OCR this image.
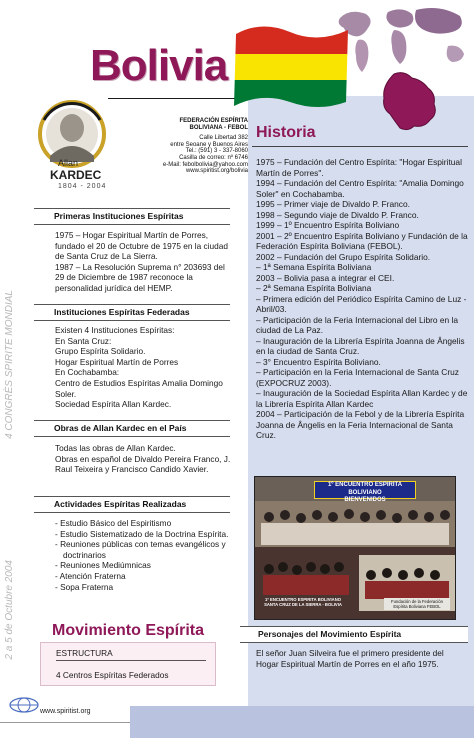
Bolivia
Allan
KARDEC
1804 - 2004
FEDERACIÓN ESPÍRITA
BOLIVIANA - FEBOL
Calle Libertad 382
entre Seoane y Buenos Aires
Tel.: (591) 3 - 337-8060
Casilla de correo: nº 6746
e-Mail: febolbolivia@yahoo.com
www.spiritist.org/bolivia
4 CONGRÈS SPIRITE MONDIAL
2 a 5 de Octubre 2004
Primeras Instituciones Espíritas

1975 – Hogar Espiritual Martín de Porres, fundado el 20 de Octubre de 1975 en la ciudad de Santa Cruz de La Sierra.

1987 – La Resolución Suprema n° 203693 del 29 de Diciembre de 1987 reconoce la personalidad jurídica del HEMP.

Instituciones Espíritas Federadas

Existen 4 Instituciones Espíritas:

En Santa Cruz:

Grupo Espírita Solidario.

Hogar Espiritual Martín de Porres

En Cochabamba:

Centro de Estudios Espíritas Amalia Domingo Soler.

Sociedad Espírita Allan Kardec.

Obras de Allan Kardec en el País

Todas las obras de Allan Kardec.

Obras en español de Divaldo Pereira Franco, J. Raul Teixeira y Francisco Candido Xavier.

Actividades Espíritas Realizadas
- Estudio Básico del Espiritismo
- Estudio Sistematizado de la Doctrina Espírita.
- Reuniones públicas con temas evangélicos y doctrinarios
- Reuniones Mediúmnicas
- Atención Fraterna
- Sopa Fraterna
Movimiento Espírita
ESTRUCTURA
4 Centros Espíritas Federados
Historia

1975 – Fundación del Centro Espírita: "Hogar Espiritual Martín de Porres".

1994 – Fundación del Centro Espírita: "Amalia Domingo Soler" en Cochabamba.

1995 – Primer viaje de Divaldo P. Franco.

1998 – Segundo viaje de Divaldo P. Franco.

1999 – 1º Encuentro Espírita Boliviano

2001 – 2º Encuentro Espírita Boliviano y Fundación de la Federación Espírita Boliviana (FEBOL).

2002 – Fundación del Grupo Espírita Solidario.

– 1ª Semana Espírita Boliviana

2003 – Bolivia pasa a integrar el CEI.

– 2ª Semana Espírita Boliviana

– Primera edición del Periódico Espírita Camino de Luz - Abril/03.

– Participación de la Feria Internacional del Libro en la ciudad de La Paz.

– Inauguración de la Librería Espírita Joanna de Ângelis en la ciudad de Santa Cruz.

– 3° Encuentro Espírita Boliviano.

– Participación en la Feria Internacional de Santa Cruz (EXPOCRUZ 2003).

– Inauguración de la Sociedad Espírita Allan Kardec y de la Librería Espírita Allan Kardec

2004 – Participación de la Febol y de la Librería Espírita Joanna de Ângelis en la Feria Internacional de Santa Cruz.

1º ENCUENTRO ESPIRITA BOLIVIANO
BIENVENIDOS
1º ENCUENTRO ESPIRITA BOLIVIANO SANTA CRUZ DE LA SIERRA - BOLIVIA
Fundación de la Federación Espírita Boliviana FEBOL
Personajes del Movimiento Espírita
El señor Juan Silveira fue el primero presidente del Hogar Espiritual Martín de Porres en el año 1975.
www.spiritist.org
